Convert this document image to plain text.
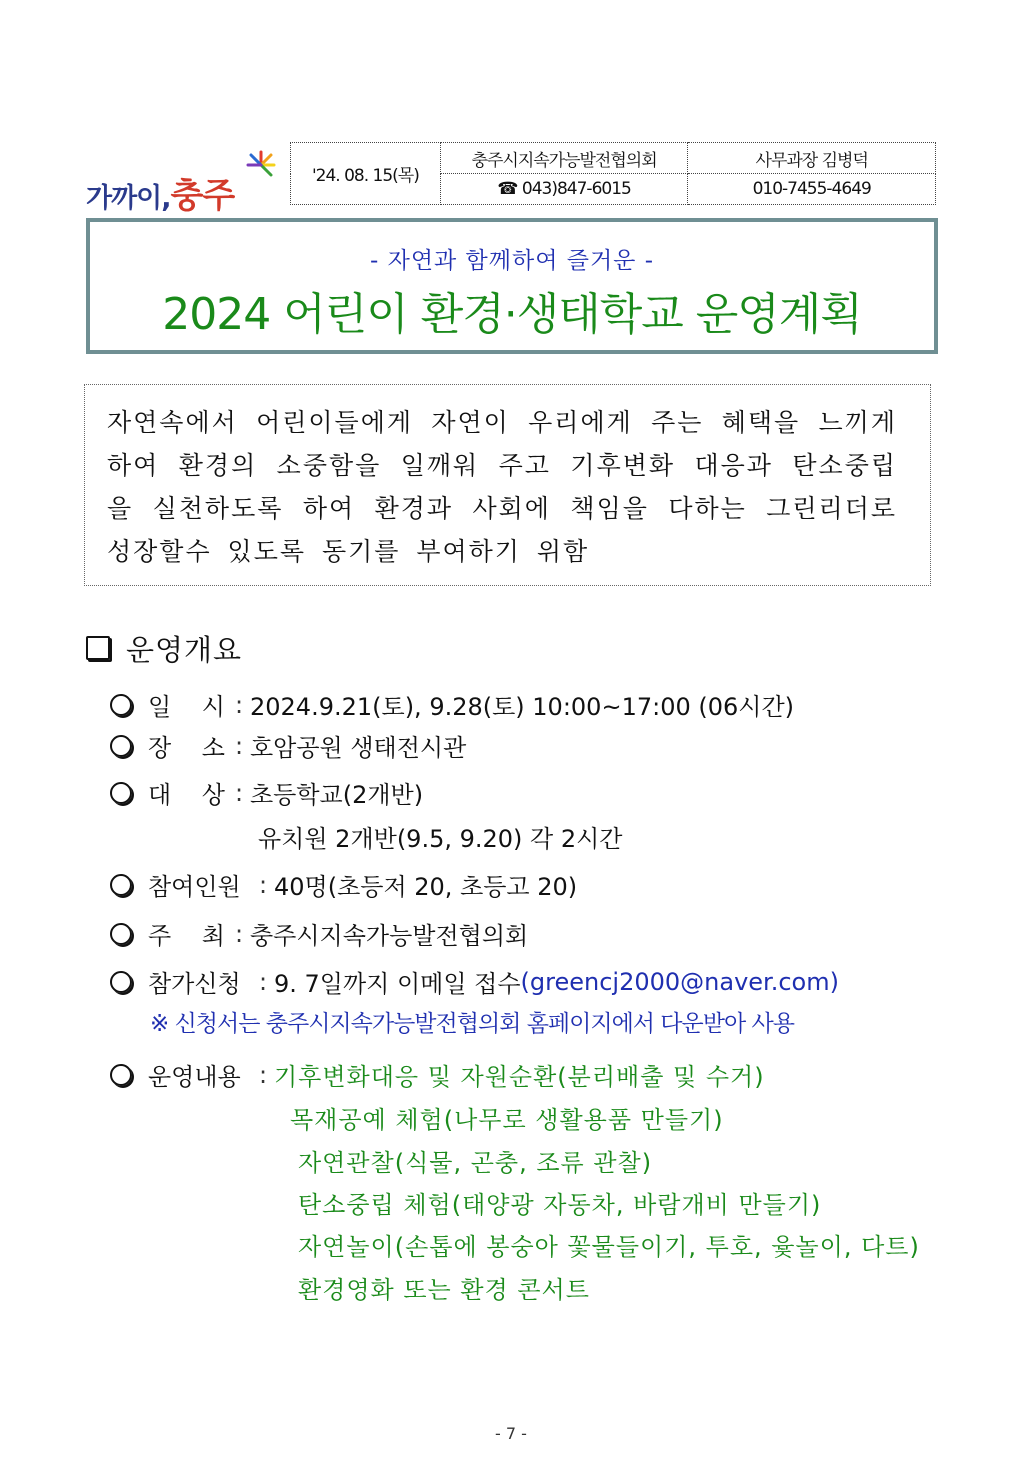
가까이,충주	'24. 08. 15(목)	충주시지속가능발전협의회	사무과장 김병덕
	☎ 043)847-6015	010-7455-4649
- 자연과 함께하여 즐거운 -
2024 어린이 환경·생태학교 운영계획
자연속에서 어린이들에게 자연이 우리에게 주는 혜택을 느끼게 하여 환경의 소중함을 일깨워 주고 기후변화 대응과 탄소중립을 실천하도록 하여 환경과 사회에 책임을 다하는 그린리더로 성장할수 있도록 동기를 부여하기 위함
운영개요
일    시 : 2024.9.21(토), 9.28(토) 10:00~17:00 (06시간)
장    소 : 호암공원 생태전시관
대    상 : 초등학교(2개반)
유치원 2개반(9.5, 9.20) 각 2시간
참여인원 : 40명(초등저 20, 초등고 20)
주    최 : 충주시지속가능발전협의회
참가신청 : 9. 7일까지 이메일 접수 (greencj2000@naver.com)
※ 신청서는 충주시지속가능발전협의회 홈페이지에서 다운받아 사용
운영내용 : 기후변화대응 및 자원순환(분리배출 및 수거)
목재공예 체험(나무로 생활용품 만들기)
자연관찰(식물, 곤충, 조류 관찰)
탄소중립 체험(태양광 자동차, 바람개비 만들기)
자연놀이(손톱에 봉숭아 꽃물들이기, 투호, 윷놀이, 다트)
환경영화 또는 환경 콘서트
- 7 -
